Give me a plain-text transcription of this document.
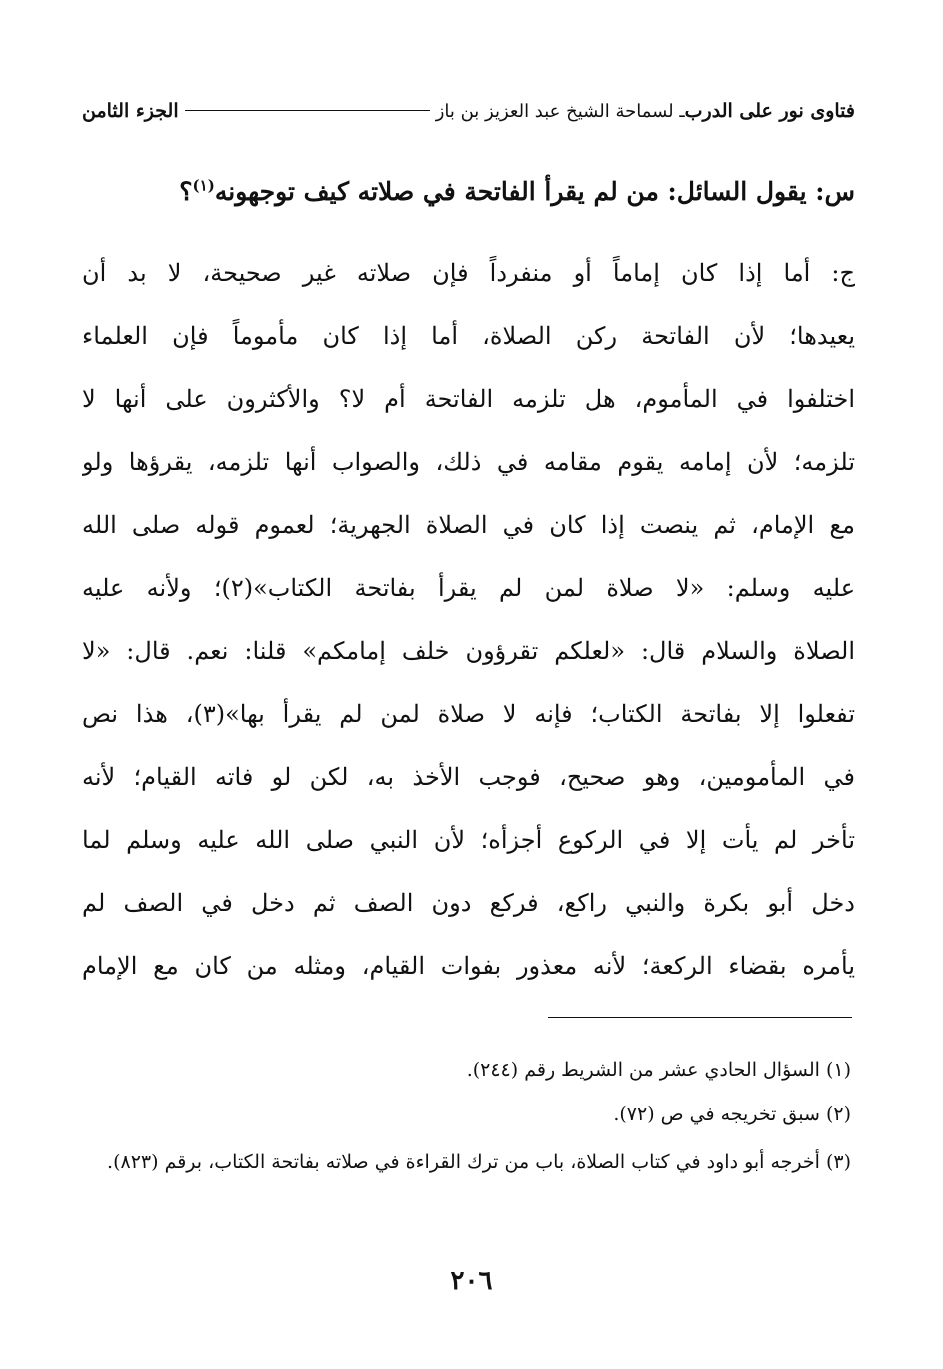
فتاوى نور على الدرب
ـ لسماحة الشيخ عبد العزيز بن باز
الجزء الثامن
س: يقول السائل: من لم يقرأ الفاتحة في صلاته كيف توجهونه$^{(١)}$؟
ج: أما إذا كان إماماً أو منفرداً فإن صلاته غير صحيحة، لا بد أن
يعيدها؛ لأن الفاتحة ركن الصلاة، أما إذا كان مأموماً فإن العلماء
اختلفوا في المأموم، هل تلزمه الفاتحة أم لا؟ والأكثرون على أنها لا
تلزمه؛ لأن إمامه يقوم مقامه في ذلك، والصواب أنها تلزمه، يقرؤها ولو
مع الإمام، ثم ينصت إذا كان في الصلاة الجهرية؛ لعموم قوله صلى الله
عليه وسلم: «لا صلاة لمن لم يقرأ بفاتحة الكتاب»(٢)؛ ولأنه عليه
الصلاة والسلام قال: «لعلكم تقرؤون خلف إمامكم» قلنا: نعم. قال: «لا
تفعلوا إلا بفاتحة الكتاب؛ فإنه لا صلاة لمن لم يقرأ بها»(٣)، هذا نص
في المأمومين، وهو صحيح، فوجب الأخذ به، لكن لو فاته القيام؛ لأنه
تأخر لم يأت إلا في الركوع أجزأه؛ لأن النبي صلى الله عليه وسلم لما
دخل أبو بكرة والنبي راكع، فركع دون الصف ثم دخل في الصف لم
يأمره بقضاء الركعة؛ لأنه معذور بفوات القيام، ومثله من كان مع الإمام
(١)السؤال الحادي عشر من الشريط رقم (٢٤٤).
(٢)سبق تخريجه في ص (٧٢).
(٣)أخرجه أبو داود في كتاب الصلاة، باب من ترك القراءة في صلاته بفاتحة الكتاب، برقم (٨٢٣).
٢٠٦
